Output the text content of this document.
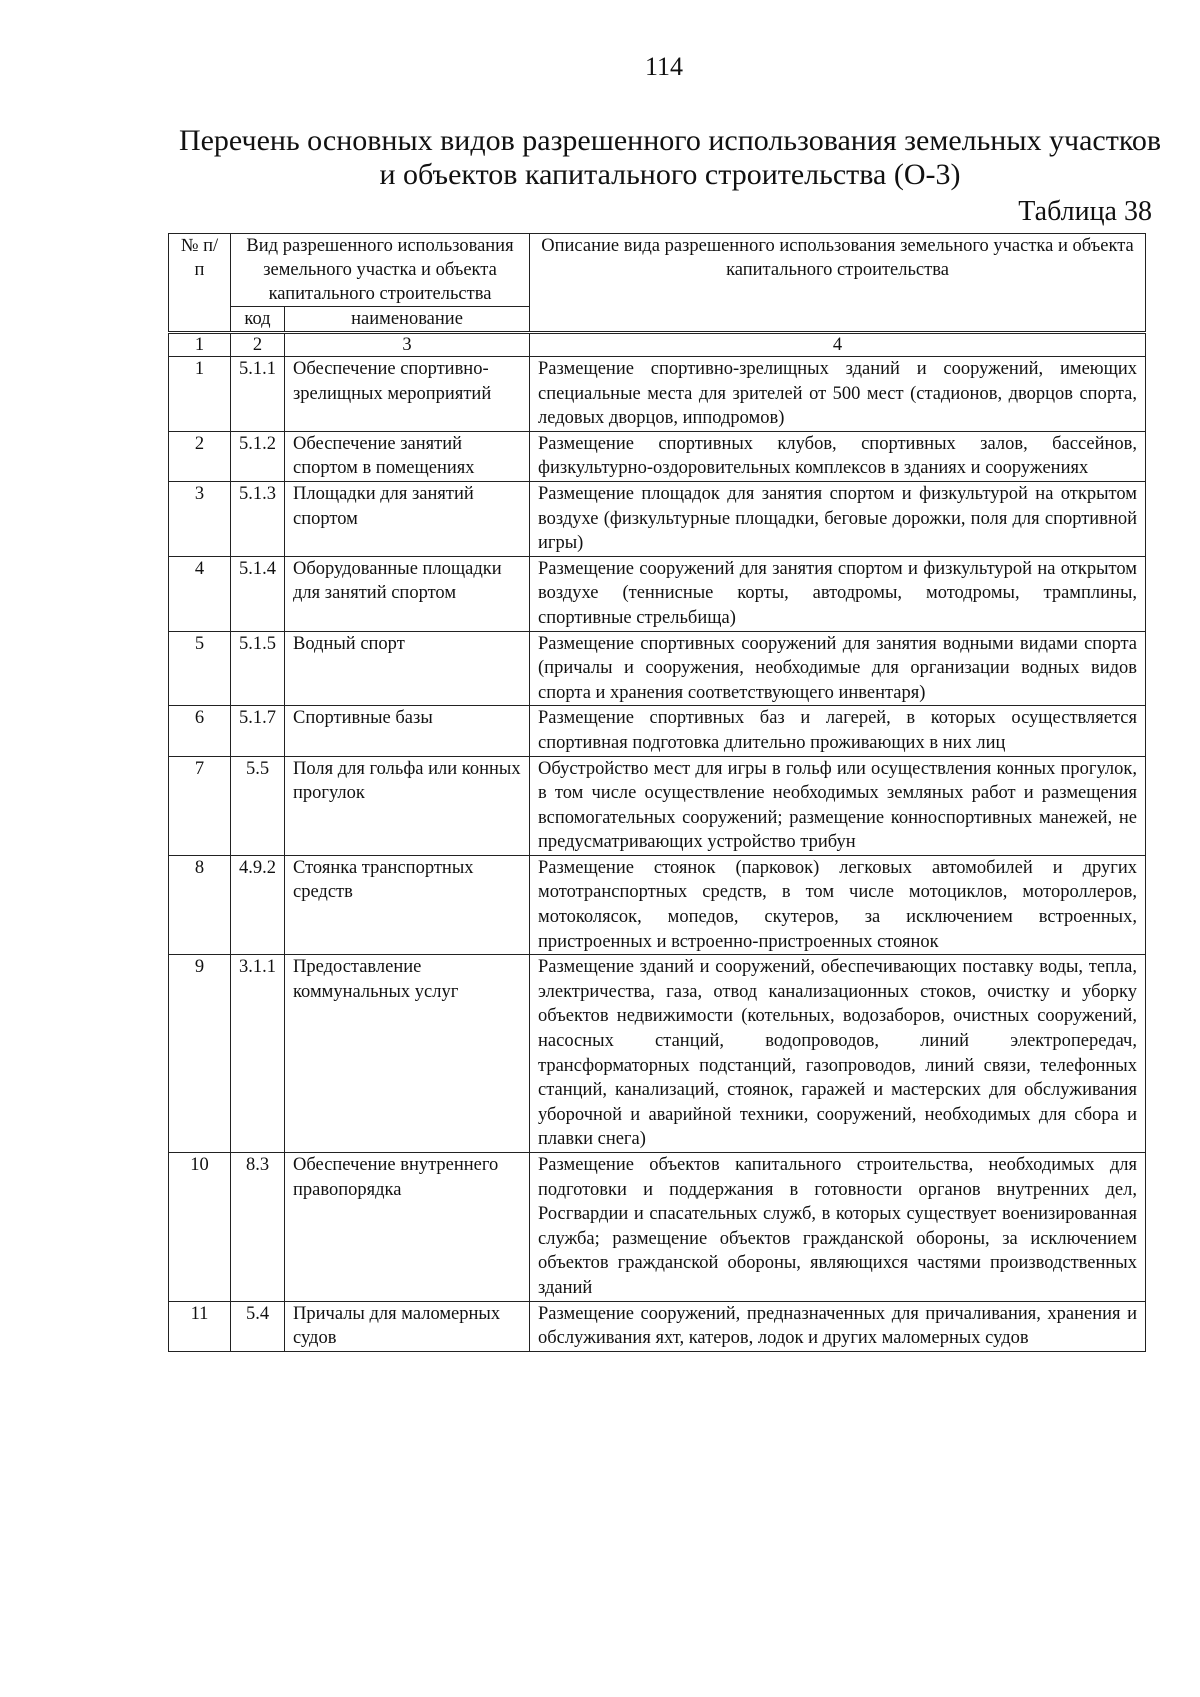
114
Перечень основных видов разрешенного использования земельных участков
и объектов капитального строительства (О-3)
Таблица 38
№ п/п	Вид разрешенного использования земельного участка и объекта капитального строительства		Описание вида разрешенного использования земельного участка и объекта капитального строительства
	код	наименование	
1	2	3	4
1	5.1.1	Обеспечение спортивно-зрелищных мероприятий	Размещение спортивно-зрелищных зданий и сооружений, имеющих специальные места для зрителей от 500 мест (стадионов, дворцов спорта, ледовых дворцов, ипподромов)
2	5.1.2	Обеспечение занятий спортом в помещениях	Размещение спортивных клубов, спортивных залов, бассейнов, физкультурно-оздоровительных комплексов в зданиях и сооружениях
3	5.1.3	Площадки для занятий спортом	Размещение площадок для занятия спортом и физкультурой на открытом воздухе (физкультурные площадки, беговые дорожки, поля для спортивной игры)
4	5.1.4	Оборудованные площадки для занятий спортом	Размещение сооружений для занятия спортом и физкультурой на открытом воздухе (теннисные корты, автодромы, мотодромы, трамплины, спортивные стрельбища)
5	5.1.5	Водный спорт	Размещение спортивных сооружений для занятия водными видами спорта (причалы и сооружения, необходимые для организации водных видов спорта и хранения соответствующего инвентаря)
6	5.1.7	Спортивные базы	Размещение спортивных баз и лагерей, в которых осуществляется спортивная подготовка длительно проживающих в них лиц
7	5.5	Поля для гольфа или конных прогулок	Обустройство мест для игры в гольф или осуществления конных прогулок, в том числе осуществление необходимых земляных работ и размещения вспомогательных сооружений; размещение конноспортивных манежей, не предусматривающих устройство трибун
8	4.9.2	Стоянка транспортных средств	Размещение стоянок (парковок) легковых автомобилей и других мототранспортных средств, в том числе мотоциклов, мотороллеров, мотоколясок, мопедов, скутеров, за исключением встроенных, пристроенных и встроенно-пристроенных стоянок
9	3.1.1	Предоставление коммунальных услуг	Размещение зданий и сооружений, обеспечивающих поставку воды, тепла, электричества, газа, отвод канализационных стоков, очистку и уборку объектов недвижимости (котельных, водозаборов, очистных сооружений, насосных станций, водопроводов, линий электропередач, трансформаторных подстанций, газопроводов, линий связи, телефонных станций, канализаций, стоянок, гаражей и мастерских для обслуживания уборочной и аварийной техники, сооружений, необходимых для сбора и плавки снега)
10	8.3	Обеспечение внутреннего правопорядка	Размещение объектов капитального строительства, необходимых для подготовки и поддержания в готовности органов внутренних дел, Росгвардии и спасательных служб, в которых существует военизированная служба; размещение объектов гражданской обороны, за исключением объектов гражданской обороны, являющихся частями производственных зданий
11	5.4	Причалы для маломерных судов	Размещение сооружений, предназначенных для причаливания, хранения и обслуживания яхт, катеров, лодок и других маломерных судов
